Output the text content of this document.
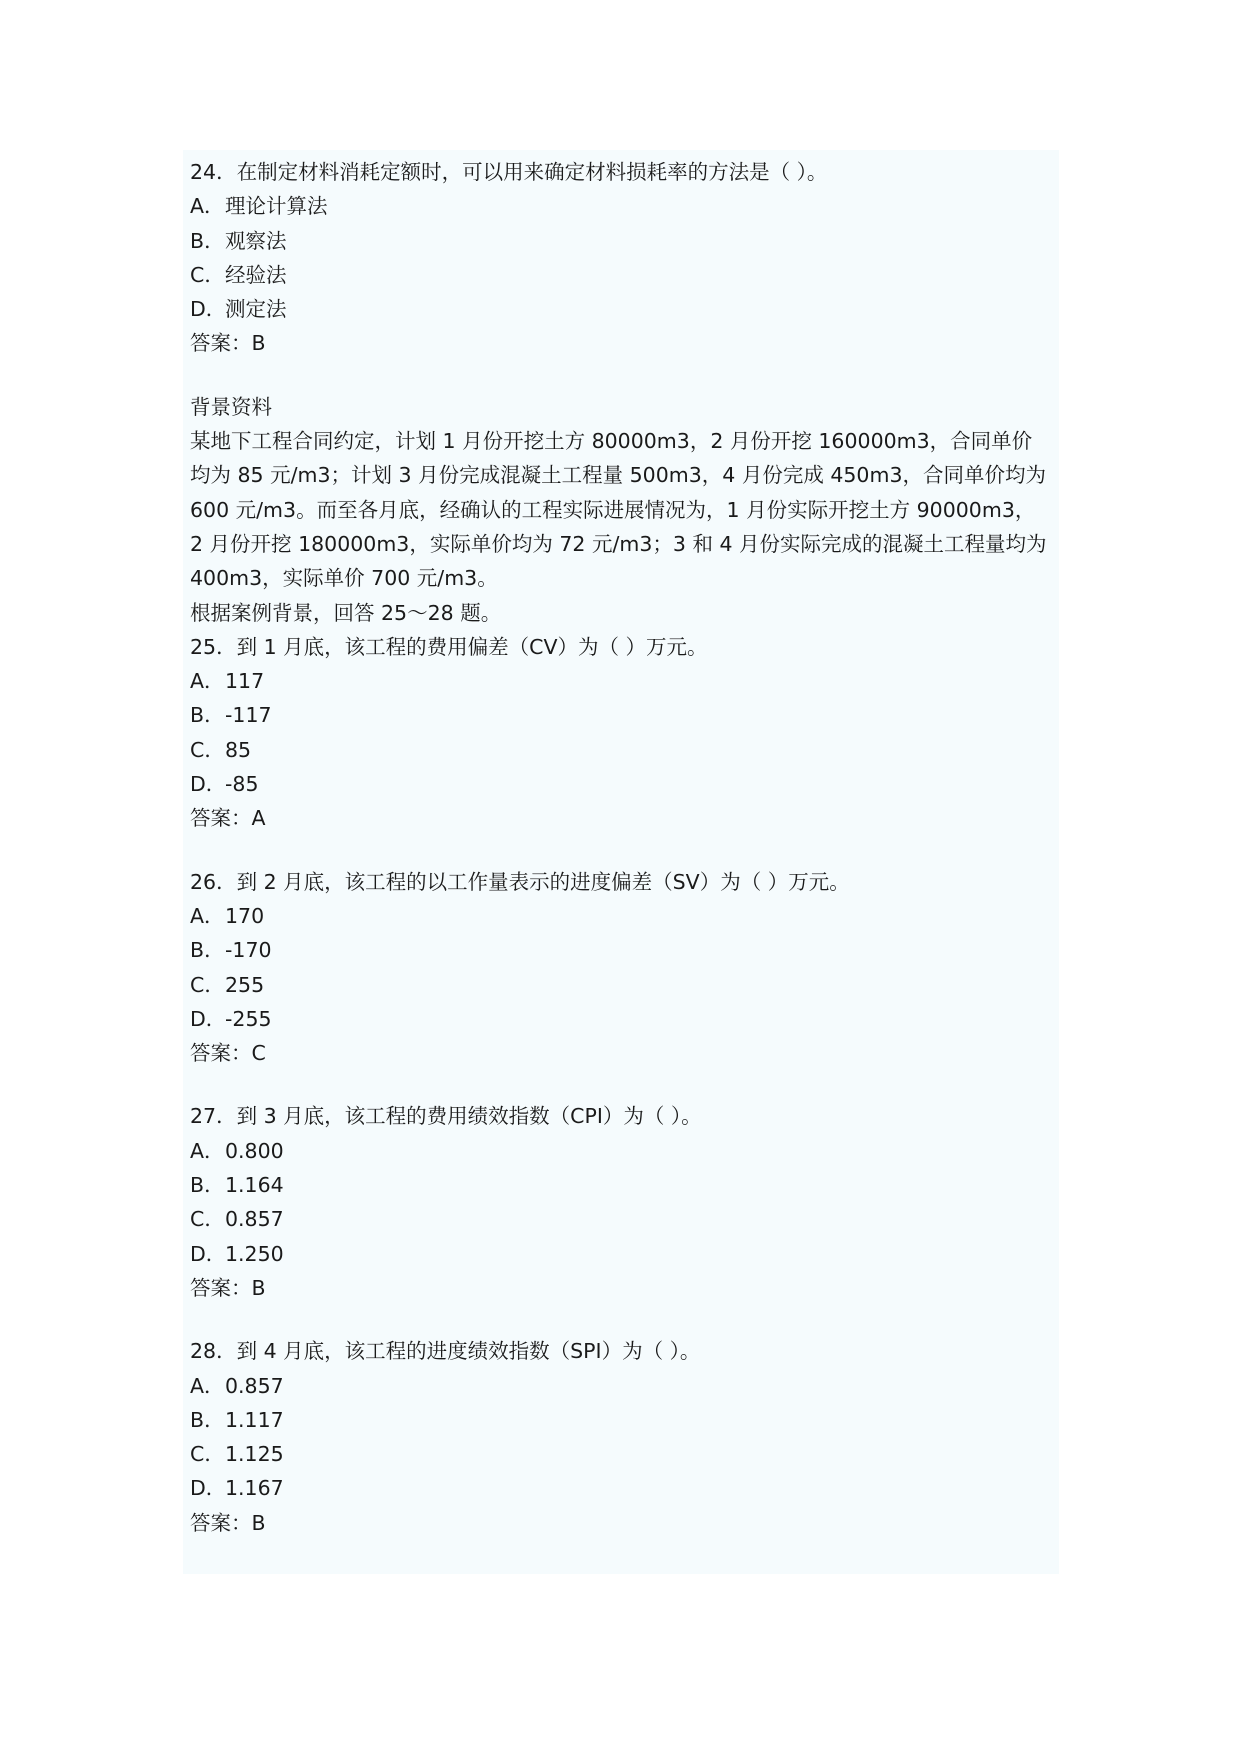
24．在制定材料消耗定额时，可以用来确定材料损耗率的方法是（ ）。
A． 理论计算法
B． 观察法
C． 经验法
D．
测定法
答案： B
背景资料
某地下工程合同约定，计划 1 月份开挖土方 80000m3，2 月份开挖 160000m3，合同单价
均为 85 元/m3；计划 3 月份完成混凝土工程量 500m3，4 月份完成 450m3，合同单价均为
600 元/m3。而至各月底，经确认的工程实际进展情况为，1 月份实际开挖土方 90000m3，
2 月份开挖 180000m3，实际单价均为 72 元/m3；3 和 4 月份实际完成的混凝土工程量均为
400m3，实际单价 700 元/m3。
根据案例背景，回答 25～28 题。
25．到 1 月底，该工程的费用偏差（CV）为（ ）万元。
A． 117
B． -117
C． 85
D．
-85
答案： A
26．到 2 月底，该工程的以工作量表示的进度偏差（SV）为（ ）万元。
A． 170
B． -170
C． 255
D．
-255
答案： C
27．到 3 月底，该工程的费用绩效指数（CPI）为（ ）。
A． 0.800
B． 1.164
C． 0.857
D．
1.250
答案： B
28．到 4 月底，该工程的进度绩效指数（SPI）为（ ）。
A． 0.857
B． 1.117
C． 1.125
D．
1.167
答案： B
